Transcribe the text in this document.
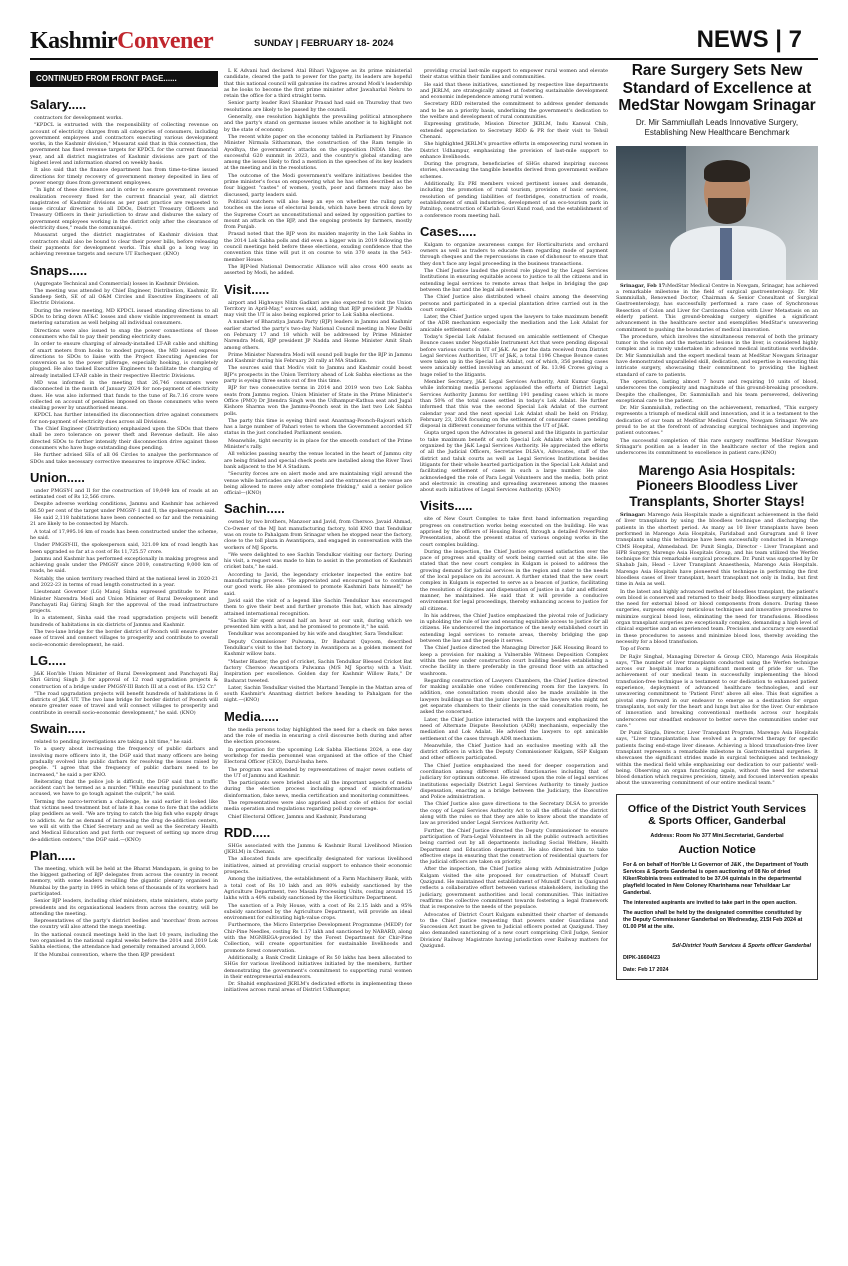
KashmirConvener	SUNDAY | FEBRUARY 18- 2024	NEWS | 7
CONTINUED FROM FRONT PAGE......
Salary.....

contractors for development works.

"KPDCL is entrusted with the responsibility of collecting revenue on account of electricity charges from all categories of consumers, including government employees and contractors executing various development works, in the Kashmir division," Mussarat said that in this connection, the government has fixed revenue targets for KPDCL for the current financial year, and all district magistrates of Kashmir divisions are part of the highest level and information shared on weekly basis.

It also said that the finance department has from time-to-time issued directions for timely recovery of government money deposited in lieu of power energy dues from government employees.

"In light of these directives and in order to ensure government revenue realization recovery fixed for the current financial year, all district magistrates of Kashmir divisions as per past practice are requested to issue circular directions to all DDOs, District Treasury Officers and Treasury Officers in their jurisdiction to draw and disburse the salary of government employees working in the district only after the clearance of electricity dues," reads the communiqué.

Mussarat urged the district magistrates of Kashmir division that contractors shall also be bound to clear their power bills, before releasing their payments for development works. This shall go a long way in achieving revenue targets and secure UT Exchequer. (KNO)

Snaps.....

(Aggregate Technical and Commercial) losses in Kashmir Division.

The meeting was attended by Chief Engineer, Distribution, Kashmir, Er. Sandeep Seth, SE of all O&M Circles and Executive Engineers of all Electric Divisions.

During the review meeting, MD KPDCL issued standing directions to all SDOs to bring down AT&C losses and show visible improvement in smart metering saturation as well helping all individual consumers.

Directions were also issued to snap the power connections of those consumers who fail to pay their pending electricity dues.

In order to ensure charging of already-installed LT-AB cable and shifting of smart meters from hooks to modest purpose, the MD issued express directions to SDOs to liaise with the Project Executing Agencies for conversion as to the power pilferage, especially hooking, is completely plugged. He also tasked Executive Engineers to facilitate the charging of already installed LT-AB cable in their respective Electric Divisions.

MD was informed in the meeting that 26,746 consumers were disconnected in the month of January 2024 for non-payment of electricity dues. He was also informed that funds to the tune of Rs.7.16 crore were collected on account of penalties imposed on those consumers who were stealing power by unauthorised means.

KPDCL has further intensified its disconnection drive against consumers for non-payment of electricity dues across all Divisions.

The Chief Engineer (Distribution) emphasized upon the SDOs that there shall be zero tolerance on power theft and Revenue default. He also directed SDOs to further intensify their disconnection drive against those consumers who have huge outstanding dues pending.

He further advised SEs of all 06 Circles to analyse the performance of SDOs and take necessary corrective measures to improve AT&C index.

Union.....

under PMGSY-I and II for the construction of 19,049 km of roads at an estimated cost of Rs 12,566 crore.

Despite adverse working conditions, Jammu and Kashmir has achieved 86.50 per cent of the target under PMGSY- I and II, the spokesperson said.

He said 2,118 habitations have been connected so far and the remaining 21 are likely to be connected by March.

A total of 17,995.16 km of roads has been constructed under the scheme, he said.

Under PMGSY-III, the spokesperson said, 321.09 km of road length has been upgraded so far at a cost of Rs 11,725.57 crore.

Jammu and Kashmir has performed exceptionally in making progress and achieving goals under the PMGSY since 2019, constructing 9,000 km of roads, he said.

Notably, the union territory reached third at the national level in 2020-21 and 2022-23 in terms of road length constructed in a year.

Lieutenant Governor (LG) Manoj Sinha expressed gratitude to Prime Minister Narendra Modi and Union Minister of Rural Development and Panchayati Raj Giriraj Singh for the approval of the road infrastructure projects.

In a statement, Sinha said the road upgradation projects will benefit hundreds of habitations in six districts of Jammu and Kashmir.

The two-lane bridge for the border district of Poonch will ensure greater ease of travel and connect villages to prosperity and contribute to overall socio-economic development, he said.

LG.....

J&K Hon'ble Union Minister of Rural Development and Panchayati Raj Shri Giriraj Singh Ji for approval of 12 road upgradation projects & construction of a bridge under PMGSY-III Batch III at a cost of Rs. 152 Cr."

"The road upgradation projects will benefit hundreds of habitations in 6 districts of J&K UT. The two lane bridge for border district of Poonch will ensure greater ease of travel and will connect villages to prosperity and contribute in overall socio-economic development," he said. (KNO)

Swain.....

related to pending investigations are taking a bit time," he said.

To a query about increasing the frequency of public darbars and involving more officers into it, the DGP said that many officers are being gradually evolved into public darbars for resolving the issues raised by people. "I agree that the frequency of public darbars need to be increased," he said a per KNO.

Reiterating that the police job is difficult, the DGP said that a traffic accident can't be termed as a murder. "While ensuring punishment to the accused, we have to go tough against the culprit," he said.

Terming the narco-terrorism a challenge, he said earlier it looked like that victims need treatment but of late it has come to fore that the addicts play peddlers as well. "We are trying to catch the big fish who supply drugs to addicts. As far as demand of increasing the drug de-addiction centers, we will sit with the Chief Secretary and as well as the Secretary Health and Medical Education and put forth our request of setting up more drug de-addiction centers," the DGP said.—(KNO)

Plan.....

The meeting, which will be held at the Bharat Mandapam, is going to be the biggest gathering of BJP delegates from across the country in recent memory, with some leaders recalling the gigantic plenary organised in Mumbai by the party in 1995 in which tens of thousands of its workers had participated.

Senior BJP leaders, including chief ministers, state ministers, state party presidents and its organisational leaders from across the country, will be attending the meeting.

Representatives of the party's district bodies and 'morchas' from across the country will also attend the mega meeting.

In the national council meetings held in the last 10 years, including the two organised in the national capital weeks before the 2014 and 2019 Lok Sabha elections, the attendance had generally remained around 3,000.

If the Mumbai convention, where the then BJP president

L K Advani had declared Atal Bihari Vajpayee as its prime ministerial candidate, cleared the path to power for the party, its leaders are hopeful that this national council will galvanise its cadres around Modi's leadership as he looks to become the first prime minister after Jawaharlal Nehru to retain the office for a third straight term.

Senior party leader Ravi Shankar Prasad had said on Thursday that two resolutions are likely to be passed by the council.

Generally, one resolution highlights the prevailing political atmosphere and the party's stand on germane issues while another is to highlight not by the state of economy.

The recent white paper on the economy tabled in Parliament by Finance Minister Nirmala Sitharaman, the construction of the Ram temple in Ayodhya, the government's attacks on the opposition INDIA bloc, the successful G20 summit in 2023, and the country's global standing are among the issues likely to find a mention in the speeches of its key leaders at the meeting and in the resolutions.

The outcome of the Modi government's welfare initiatives besides the prime minister's focus on empowering what he has often described as the four biggest "castes" of women, youth, poor and farmers may also be discussed, party leaders said.

Political watchers will also keep an eye on whether the ruling party touches on the issue of electoral bonds, which have been struck down by the Supreme Court as unconstitutional and seized by opposition parties to mount an attack on the BJP, and the ongoing protests by farmers, mostly from Punjab.

Prasad noted that the BJP won its maiden majority in the Lok Sabha in the 2014 Lok Sabha polls and did even a bigger win in 2019 following the council meetings held before these elections, exuding confidence that the convention this time will put it on course to win 370 seats in the 543-member House.

The BJP-led National Democratic Alliance will also cross 400 seats as asserted by Modi, he added.

Visit.....

airport and Highways Nitin Gadkari are also expected to visit the Union Territory in April-May," sources said, adding that BJP president JP Nadda may visit the UT is also being explored prior to Lok Sabha elections.

A number of Bharatiya Janata Party (BJP) leaders in Jammu and Kashmir earlier started the party's two-day National Council meeting in New Delhi on February 17 and 18 which will be addressed by Prime Minister Narendra Modi, BJP president JP Nadda and Home Minister Amit Shah among others.

Prime Minister Narendra Modi will sound poll bugle for the BJP in Jammu and Kashmir during his February 20 rally at MA Stadium.

The sources said that Modi's visit to Jammu and Kashmir could boost BJP's prospects in the Union Territory ahead of Lok Sabha elections as the party is eyeing three seats out of five this time.

BJP for two consecutive terms in 2014 and 2019 won two Lok Sabha seats from Jammu region. Union Minister of State in the Prime Minister's Office (PMO) Dr Jitendra Singh won the Udhampur-Kathua seat and Jugal Kishore Sharma won the Jammu-Poonch seat in the last two Lok Sabha polls.

The party this time is eyeing third seat Anantnag-Poonch-Rajouri which has a large number of Pahari votes to whom the Government accorded ST status in the just concluded Parliament session.

Meanwhile, tight security is in place for the smooth conduct of the Prime Minister's rally.

All vehicles passing nearby the venue located in the heart of Jammu city are being frisked and special check posts are installed along the River Tawi bank adjacent to the M A Stadium.

"Security forces are on alert mode and are maintaining vigil around the venue while barricades are also erected and the entrances at the venue are being allowed to move only after complete frisking," said a senior police official—(KNO)

Sachin.....

owned by two brothers, Manzoor and Javid, from Chersoo. Javaid Ahmad, Co-Owner of the MJ bat manufacturing factory, told KNO that Tendulkar was on route to Pahalgam from Srinagar when he stopped near the factory, close to the toll plaza in Awantipora, and engaged in conversation with the workers of MJ Sports.

"We were delighted to see Sachin Tendulkar visiting our factory. During his visit, a request was made to him to assist in the promotion of Kashmiri cricket bats," he said.

According to Javid, the legendary cricketer inspected the entire bat manufacturing process. "He appreciated and encouraged us to continue our good work. He also promised to promote Kashmiri bats himself," he said.

Javid said the visit of a legend like Sachin Tendulkar has encouraged them to give their best and further promote this bat, which has already attained international recognition.

"Sachin Sir spent around half an hour at our unit, during which we presented him with a bat, and he promised to promote it," he said.

Tendulkar was accompanied by his wife and daughter, Sara Tendulkar.

Deputy Commissioner Pulwama, Dr Basharat Qayoom, described Tendulkar's visit to the bat factory in Awantipora as a golden moment for Kashmir willow bats.

"Master Blaster, the god of cricket, Sachin Tendulkar Blessed Cricket Bat factory Chersoo Awantipora Pulwama (M/S MJ Sports) with a Visit. Inspiration per excellence. Golden day for Kashmir Willow Bats," Dr Basharat tweeted.

Later, Sachin Tendulkar visited the Martand Temple in the Mattan area of south Kashmir's Anantnag district before heading to Pahalgam for the night.—(KNO)

Media.....

the media persons today highlighted the need for a check on fake news and the role of media in ensuring a civil discourse both during and after the election processes.

In preparation for the upcoming Lok Sabha Elections 2024, a one day workshop for media personnel was organised at the office of the Chief Electoral Officer (CEO), Darul-Insha here.

The program was attended by representatives of major news outlets of the UT of Jammu and Kashmir.

The participants were briefed about all the important aspects of media during the election process including spread of misinformation/ disinformation, fake news, media certification and monitoring committees.

The representatives were also apprised about code of ethics for social media operation and regulations regarding poll day coverage.

Chief Electoral Officer, Jammu and Kashmir, Pandurang

RDD.....

SHGs associated with the Jammu & Kashmir Rural Livelihood Mission (JKRLM) in Chenani.

The allocated funds are specifically designated for various livelihood initiatives, aimed at providing crucial support to enhance their economic prospects.

Among the initiatives, the establishment of a Farm Machinery Bank, with a total cost of Rs 10 lakh and an 80% subsidy sanctioned by the Agriculture Department, two Masala Processing Units, costing around 15 lakhs with a 40% subsidy sanctioned by the Horticulture Department.

The sanction of a Poly House, with a cost of Rs 2.15 lakh and a 95% subsidy sanctioned by the Agriculture Department, will provide an ideal environment for cultivating high-value crops.

Furthermore, the Micro Enterprise Development Programme (MEDP) for Chir-Pine Needles, costing Rs 1.17 lakh and sanctioned by NABARD, along with the MGNREGA-provided by the Forest Department for Chir-Pine Collection, will create opportunities for sustainable livelihoods and promote forest conservation.

Additionally, a Bank Credit Linkage of Rs 50 lakhs has been allocated to SHGs for various livelihood initiatives initiated by the members, further demonstrating the government's commitment to supporting rural women in their entrepreneurial endeavors.

Dr. Shahid emphasized JKRLM's dedicated efforts in implementing these initiatives across rural areas of District Udhampur,

providing crucial last-mile support to empower rural women and elevate their status within their families and communities.

He said that these initiatives, sanctioned by respective line departments and JKRLM, are strategically aimed at fostering sustainable development and economic independence among rural women.

Secretary RDD reiterated the commitment to address gender demands and to be an a priority basis, underlining the government's dedication to the welfare and development of rural communities.

Expressing gratitude, Mission Director JKRLM, Indu Kanwal Chib, extended appreciation to Secretary RDD & PR for their visit to Tehsil Chenani.

She highlighted JKRLM's proactive efforts in empowering rural women in District Udhampur, emphasizing the provision of last-mile support to enhance livelihoods.

During the program, beneficiaries of SHGs shared inspiring success stories, showcasing the tangible benefits derived from government welfare schemes.

Additionally, Ex PRI members voiced pertinent issues and demands, including the promotion of rural tourism, provision of basic services, resolution of pending liabilities of footbridges, construction of roads, establishment of small industries, development of an eco-tourism park in Patnitop, construction of Karlah Gouri Kund road, and the establishment of a conference room meeting hall.

Cases.....

Kulgam to organize awareness camps for Horticulturists and orchard owners as well as traders to educate them regarding mode of payment through cheques and the repercussions in case of dishonour to ensure that they don't face any legal proceeding in the business transactions.

The Chief Justice lauded the pivotal role played by the Legal Services Institutions in ensuring equitable access to justice to all the citizens and in extending legal services to remote areas that helps in bridging the gap between the bar and the legal aid seekers.

The Chief Justice also distributed wheel chairs among the deserving persons and participated in a special plantation drive carried out in the court complex.

Later, the Chief Justice urged upon the lawyers to take maximum benefit of the ADR mechanism especially the mediation and the Lok Adalat for amicable settlement of case.

Today's Special Lok Adalat focused on amicable settlement of Cheque Bounce cases under Negotiable Instrument Act that were pending disposal before various courts in UT of J&K. As per the data received from District Legal Services Authorities, UT of J&K, a total 1196 Cheque Bounce cases were taken up in the Special Lok Adalat, out of which, 356 pending cases were amicably settled involving an amount of Rs. 13.96 Crores giving a huge relief to the litigants.

Member Secretary, J&K Legal Services Authority, Amit Kumar Gupta, while informing media persons applauded the efforts of District Legal Services Authority Jammu for settling 191 pending cases which is more than 50% of the total cases settled in today's Lok Adalat. He further informed that this was the second Special Lok Adalat of the current calendar year and the next special Lok Adalat shall be held on Friday, February 23, 2024 focusing on the settlement of consumer cases pending disposal in different consumer forums within the UT of J&K.

Gupta urged upon the Advocates in general and the litigants in particular to take maximum benefit of such Special Lok Adalats which are being organized by the J&K Legal Services Authority. He appreciated the efforts of all the Judicial Officers, Secretaries DLSA's, Advocates, staff of the district and taluk courts as well as Legal Services Institutions besides litigants for their whole hearted participation in the Special Lok Adalat and facilitating settlement of cases in such a large number. He also acknowledged the role of Para Legal Volunteers and the media, both print and electronic in creating and spreading awareness among the masses about such initiatives of Legal Services Authority. (KNO)

Visits.....

site of New Court Complex to take first hand information regarding progress on construction works being executed on the building. He was apprised by the officers of Housing Board, through a detailed PowerPoint Presentation, about the present status of various ongoing works in the court complex building.

During the inspection, the Chief Justice expressed satisfaction over the pace of progress and quality of work being carried out at the site. He stated that the new court complex in Kulgam is poised to address the growing demand for judicial services in the region and cater to the needs of the local populace on its account. A further stated that the new court complex in Kulgam is expected to serve as a beacon of justice, facilitating the resolution of disputes and dispensation of justice in a fair and efficient manner, he maintained. He said that it will provide a conducive environment for legal proceedings, thereby enhancing access to justice for all citizens.

In his address, the Chief Justice emphasized the pivotal role of Judiciary in upholding the rule of law and ensuring equitable access to justice for all citizens. He underscored the importance of the newly established court in extending legal services to remote areas, thereby bridging the gap between the law and the people it serves.

The Chief Justice directed the Managing Director J&K Housing Board to keep a provision for making a Vulnerable Witness Deposition Complex within the new under construction court building besides establishing a creche facility in there preferably in the ground floor with an attached washroom.

Regarding construction of Lawyers Chambers, the Chief Justice directed for making available one video conferencing room for the lawyers. In addition, one consultation room should also be made available in the lawyers buildings so that the junior lawyers or the lawyers who might not get separate chambers to their clients in the said consultation room, he asked the concerned.

Later, the Chief Justice interacted with the lawyers and emphasized the need of Alternate Dispute Resolution (ADR) mechanism, especially the mediation and Lok Adalat. He advised the lawyers to opt amicable settlement of the cases through ADR mechanism.

Meanwhile, the Chief Justice had an exclusive meeting with all the district officers in which the Deputy Commissioner Kulgam, SSP Kulgam and other officers participated.

The Chief Justice emphasized the need for deeper cooperation and coordination among different official functionaries including that of judiciary for optimum outcome. He stressed upon the role of legal services institutions especially District Legal Services Authority to timely justice dispensation, enacting as a bridge between the Judiciary, the Executive and Police administration.

The Chief Justice also gave directions to the Secretary DLSA to provide the copy of Legal Services Authority Act to all the officials of the district along with the rules so that they are able to know about the mandate of law as provided under Legal Services Authority Act.

Further, the Chief Justice directed the Deputy Commissioner to ensure participation of Para-Legal Volunteers in all the public outreach activities being carried out by all departments including Social Welfare, Health Department and Education department. He also directed him to take effective steps in ensuring that the construction of residential quarters for the judicial officers are taken on priority.

After the inspection, the Chief Justice along with Administrative Judge Kulgam visited the site proposed for construction of Mutsaff Court Qazigund. He maintained that establishment of Munsiff Court in Qazigund reflects a collaborative effort between various stakeholders, including the judiciary, government authorities and local communities. This initiative reaffirms the collective commitment towards fostering a legal framework that is responsive to the needs of the populace.

Advocates of District Court Kulgam submitted their charter of demands to the Chief Justice requesting that powers under Guardians and Succession Act must be given to Judicial officers posted at Qazigund. They also demanded sanctioning of a new court comprising Civil Judge, Senior Division/ Railway Magistrate having jurisdiction over Railway matters for Qazigund.

Rare Surgery Sets New Standard of Excellence at MedStar Nowgam Srinagar
Dr. Mir Sammiullah Leads Innovative Surgery, Establishing New Healthcare Benchmark

Srinagar, Feb 17:MedStar Medical Centre in Nowgam, Srinagar, has achieved a remarkable milestone in the field of surgical gastroenterology. Dr. Mir Sammiullah, Renowned Doctor, Chairman & Senior Consultant of Surgical Gastroenterology, has successfully performed a rare case of Synchronous Resection of Colon and Liver for Carcinoma Colon with Liver Metastasis on an elderly patient. This ground-breaking surgery signifies a significant advancement in the healthcare sector and exemplifies MedStar's unwavering commitment to pushing the boundaries of medical innovation.

The procedure, which involves the simultaneous removal of both the primary tumor in the colon and the metastatic lesions in the liver, is considered highly complex and is rarely undertaken in advanced medical institutions worldwide. Dr. Mir Sammiullah and the expert medical team at MedStar Nowgam Srinagar have demonstrated unparalleled skill, dedication, and expertise in executing this intricate surgery, showcasing their commitment to providing the highest standard of care to patients.

The operation, lasting almost 7 hours and requiring 10 units of blood, underscores the complexity and magnitude of this ground-breaking procedure. Despite the challenges, Dr. Sammiullah and his team persevered, delivering exceptional care to the patient.

Dr. Mir Sammiullah, reflecting on the achievement, remarked, "This surgery represents a triumph of medical skill and innovation, and it is a testament to the dedication of our team at MedStar Medical Centre, Nowgam Srinagar. We are proud to be at the forefront of advancing surgical techniques and improving patient outcomes."

The successful completion of this rare surgery reaffirms MedStar Nowgam Srinagar's position as a leader in the healthcare sector of the region and underscores its commitment to excellence in patient care.(KNO)

Marengo Asia Hospitals: Pioneers Bloodless Liver Transplants, Shorter Stays!

Srinagar: Marengo Asia Hospitals made a significant achievement in the field of liver transplants by using the bloodless technique and discharging the patients in the shortest period. As many as 10 liver transplants have been performed in Marengo Asia Hospitals, Faridabad and Gurugram and 8 liver transplants using this technique have been successfully conducted in Marengo CIMS Hospital, Ahmedabad. Dr. Punit Singla, Director - Liver Transplant and HPB Surgery, Marengo Asia Hospitals Group, and his team utilized the Werfen technique for this remarkable surgical procedure. Dr. Punit was supported by Dr Shabab Jain, Head - Liver Transplant Anaesthesia, Marengo Asia Hospitals. Marengo Asia Hospitals have pioneered this technique in performing the first bloodless cases of liver transplant, heart transplant not only in India, but first time in Asia as well.

In the latest and highly advanced method of bloodless transplant, the patient's own blood is conserved and returned to their body. Bloodless surgery eliminates the need for external blood or blood components from donors. During these surgeries, surgeons employ meticulous techniques and innovative procedures to minimize surgical blood loss, eliminating the need for transfusions. Bloodless organ transplant surgeries are exceptionally complex, demanding a high level of clinical expertise and an experienced team. Precision and accuracy are essential in these procedures to assess and minimize blood loss, thereby avoiding the necessity for a blood transfusion.

Top of Form

Dr Rajiv Singhal, Managing Director & Group CEO, Marengo Asia Hospitals says, "The number of liver transplants conducted using the Werfen technique across our hospitals marks a significant moment of pride for us. The achievement of our medical team in successfully implementing the blood transfusion-free technique is a testament to our dedication to enhanced patient experience, deployment of advanced healthcare technologies, and our unwavering commitment to 'Patient First' above all else. This feat signifies a pivotal step forward in our endeavor to emerge as a destination for organ transplants, not only for the heart and lungs but also for the liver. Our embrace of innovation and breaking conventional methods across our hospitals underscores our steadfast endeavor to better serve the communities under our care."

Dr Punit Singla, Director, Liver Transplant Program, Marengo Asia Hospitals says, "Liver transplantation has evolved as a preferred therapy for specific patients facing end-stage liver disease. Achieving a blood transfusion-free liver transplant represents a remarkable milestone in Gastrointestinal surgeries. It showcases the significant strides made in surgical techniques and technology within the medical field while emphasizing our dedication to our patients' well-being. Observing an organ functioning again, without the need for external blood donation which requires precision, timely, and focused intervention speaks about the unwavering commitment of our entire medical team."

Office of the District Youth Services & Sports Officer, Ganderbal
Address: Room No 377 Mini.Secretariat, Ganderbal
Auction Notice

For & on behalf of Hon'ble Lt Governor of J&K , the Department of Youth Services & Sports Ganderbal is open auctioning of 08 No of dried Kiker/Robinia trees estimated to be 37.04 quintals in the departmental playfield located in New Coloney Kharinhama near Tehsildaar Lar Ganderbal.

The interested aspirants are invited to take part in the open auction.

The auction shall be held by the designated committee constituted by the Deputy Commissioner Ganderbal on Wednesday, 21St Feb 2024 at 01.00 PM at the site.

Sd/-District Youth Services & Sports officer Ganderbal
DIPK-16604/23
Date: Feb 17 2024
